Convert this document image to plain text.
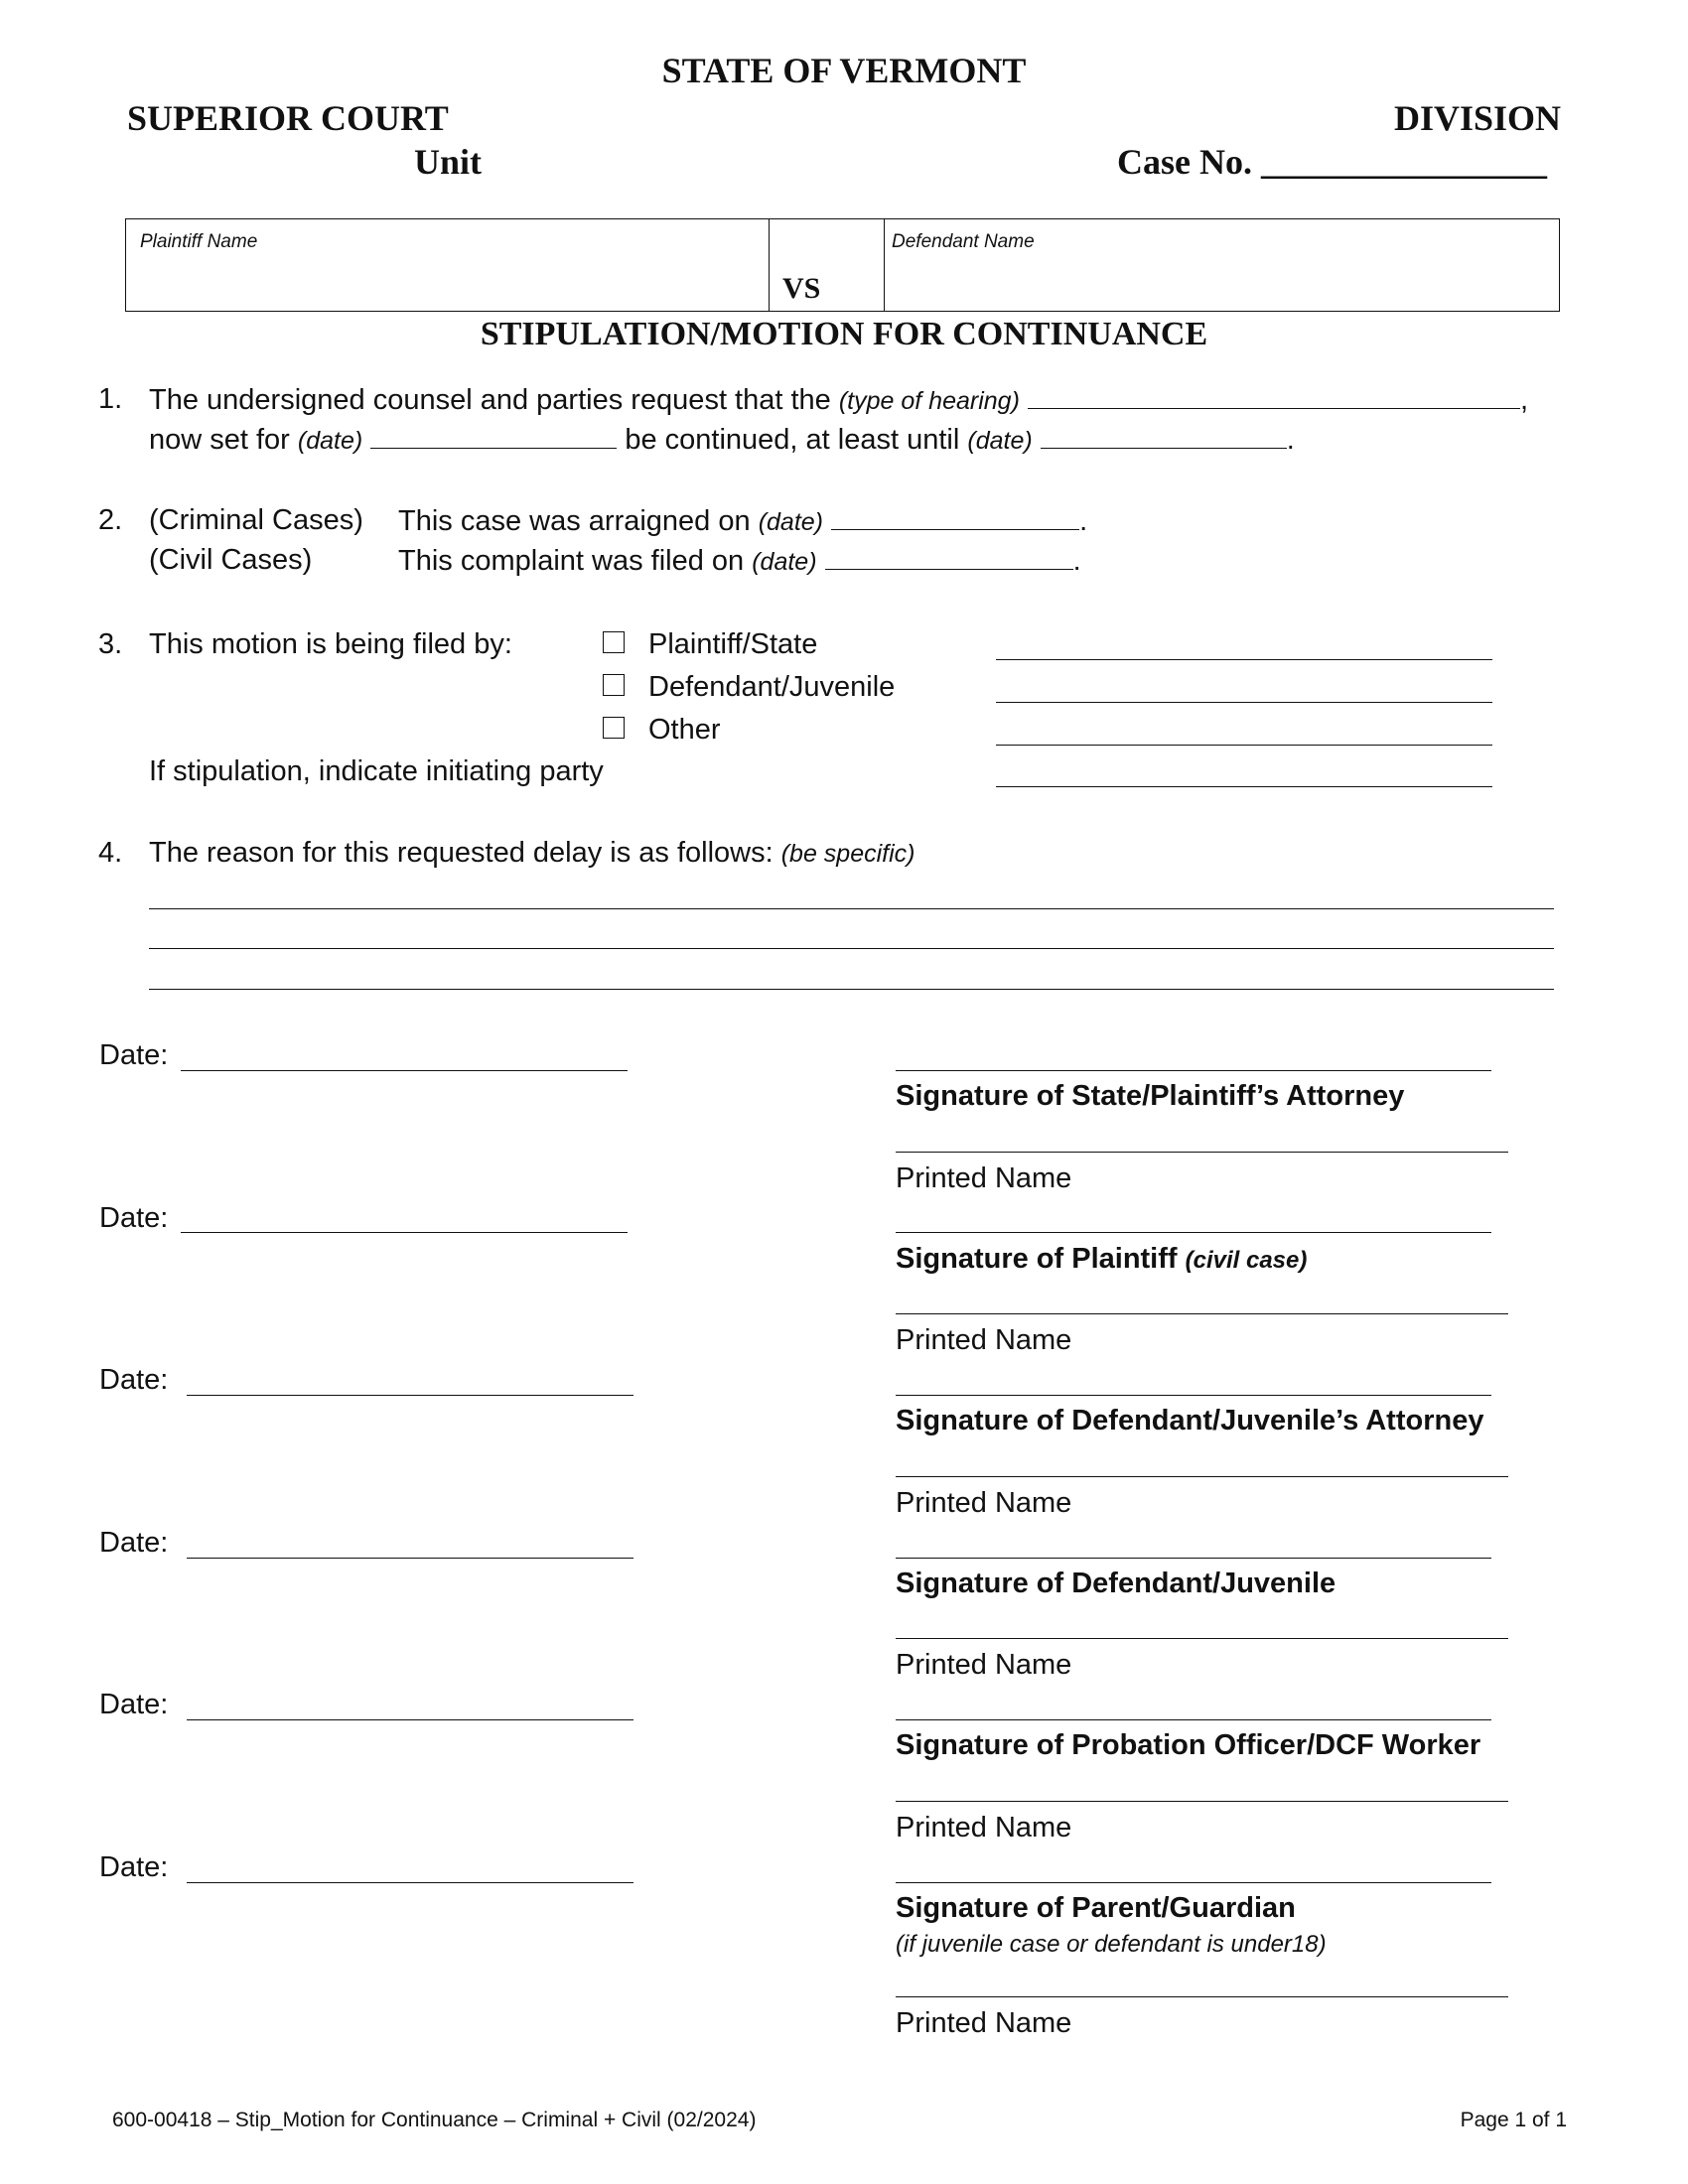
STATE OF VERMONT
SUPERIOR COURT	DIVISION
Unit	Case No. ________________
Plaintiff Name
VS
Defendant Name
STIPULATION/MOTION FOR CONTINUANCE
1. The undersigned counsel and parties request that the (type of hearing)	,
now set for (date)	be continued, at least until (date)	.
2. (Criminal Cases) This case was arraigned on (date)	.
(Civil Cases)	This complaint was filed on (date)	.
3. This motion is being filed by:	Plaintiff/State
Defendant/Juvenile
Other
If stipulation, indicate initiating party
4. The reason for this requested delay is as follows: (be specific)
Date:
Signature of State/Plaintiff’s Attorney
Printed Name
Date:
Signature of Plaintiff (civil case)
Printed Name
Date:
Signature of Defendant/Juvenile’s Attorney
Printed Name
Date:
Signature of Defendant/Juvenile
Printed Name
Date:
Signature of Probation Officer/DCF Worker
Printed Name
Date:
Signature of Parent/Guardian
(if juvenile case or defendant is under18)
Printed Name
600-00418 – Stip_Motion for Continuance – Criminal + Civil (02/2024)	Page 1 of 1
